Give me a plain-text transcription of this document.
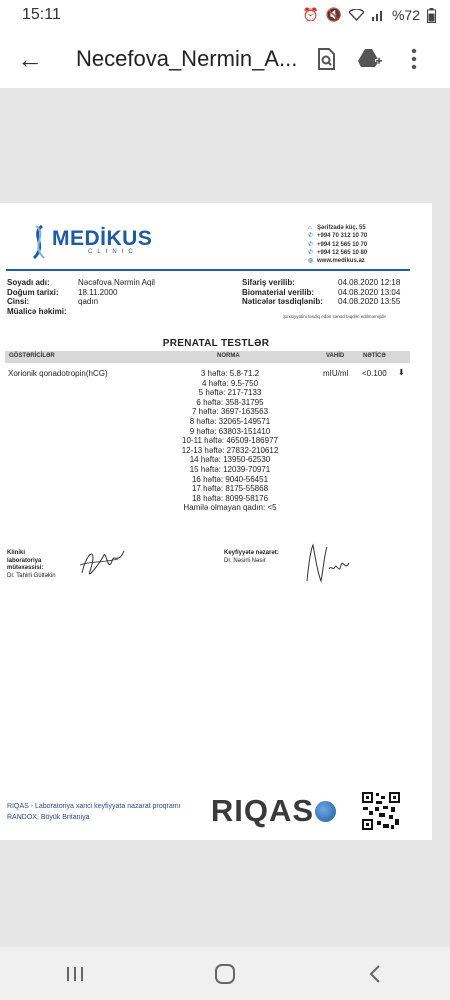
15:11	⏰ 🔇	%72
← Necefova_Nermin_A...
MEDİKUS
CLINIC
⌂ Şərifzadə küç. 55
✆ +994 70 312 10 70
✆ +994 12 565 10 70
✆ +994 12 565 10 80
◍ www.medikus.az
Soyadı adı:	Nəcəfova Nərmin Aqil
Doğum tarixi:	18.11.2000
Cinsi:	qadın
Müalicə həkimi:
Sifariş verilib:	04.08.2020 12:18
Biomaterial verilib:	04.08.2020 13:04
Nəticələr təsdiqlənib:	04.08.2020 13:55
Şəxsiyyətini təsdiq edən sənəd təqdim edilməmişdir
PRENATAL TESTLƏR
GÖSTƏRİCİLƏR	NORMA	VAHİD	NƏTİCƏ
Xorionik qonadotropin(hCG)	3 həftə: 5.8-71.2
4 həftə: 9.5-750
5 həftə: 217-7133
6 həftə: 358-31795
7 həftə: 3697-163563
8 həftə: 32065-149571
9 həftə: 63803-151410
10-11 həftə: 46509-186977
12-13 həftə: 27832-210612
14 həftə: 13950-62530
15 həftə: 12039-70971
16 həftə: 9040-56451
17 həftə: 8175-55868
18 həftə: 8099-58176
Hamilə olmayan qadın: <5
mIU/ml <0.100 ⬇
Kliniki
laboratoriya
mütəxəssisi:
Dr. Tahirli Gültəkin
Keyfiyyətə nəzarət:
Dr. Nəsirli Nəsir
RIQAS - Laboratoriya xarici keyfiyyata nazarat proqramı
RANDOX, Böyük Britaniya	RIQAS
